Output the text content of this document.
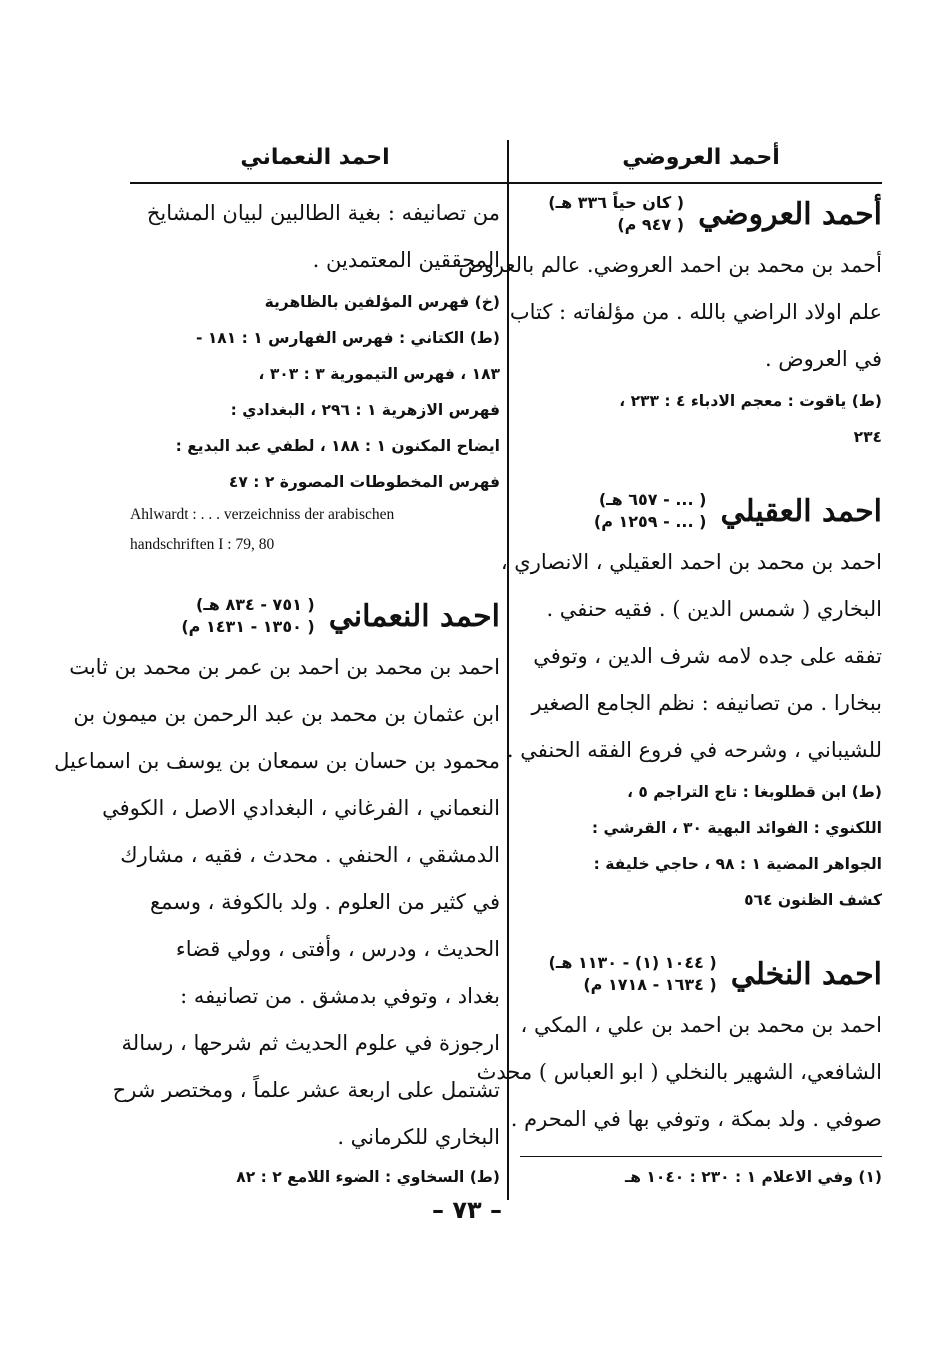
أحمد العروضي
أحمد العروضي
( كان حياً ٣٣٦ هـ)
( ٩٤٧ م)
أحمد بن محمد بن احمد العروضي. عالم بالعروض
علم اولاد الراضي بالله . من مؤلفاته : كتاب
في العروض .
(ط) ياقوت : معجم الادباء ٤ : ٢٣٣ ،
٢٣٤
احمد العقيلي
( ... - ٦٥٧ هـ)
( ... - ١٢٥٩ م)
احمد بن محمد بن احمد العقيلي ، الانصاري ،
البخاري ( شمس الدين ) . فقيه حنفي .
تفقه على جده لامه شرف الدين ، وتوفي
ببخارا . من تصانيفه : نظم الجامع الصغير
للشيباني ، وشرحه في فروع الفقه الحنفي .
(ط) ابن قطلوبغا : تاج التراجم ٥ ،
اللكنوي : الفوائد البهية ٣٠ ، القرشي :
الجواهر المضية ١ : ٩٨ ، حاجي خليفة :
كشف الظنون ٥٦٤
احمد النخلي
( ١٠٤٤ (١) - ١١٣٠ هـ)
( ١٦٣٤ - ١٧١٨ م)
احمد بن محمد بن احمد بن علي ، المكي ،
الشافعي، الشهير بالنخلي ( ابو العباس ) محدث
صوفي . ولد بمكة ، وتوفي بها في المحرم .
(١) وفي الاعلام ١ : ٢٣٠ : ١٠٤٠ هـ
احمد النعماني
من تصانيفه : بغية الطالبين لبيان المشايخ
المحققين المعتمدين .
(خ) فهرس المؤلفين بالظاهرية
(ط) الكتاني : فهرس الفهارس ١ : ١٨١ -
١٨٣ ، فهرس التيمورية ٣ : ٣٠٣ ،
فهرس الازهرية ١ : ٢٩٦ ، البغدادي :
ايضاح المكنون ١ : ١٨٨ ، لطفي عبد البديع :
فهرس المخطوطات المصورة ٢ : ٤٧
Ahlwardt : . . . verzeichniss der arabischen
handschriften I : 79, 80
احمد النعماني
( ٧٥١ - ٨٣٤ هـ)
( ١٣٥٠ - ١٤٣١ م)
احمد بن محمد بن احمد بن عمر بن محمد بن ثابت
ابن عثمان بن محمد بن عبد الرحمن بن ميمون بن
محمود بن حسان بن سمعان بن يوسف بن اسماعيل
النعماني ، الفرغاني ، البغدادي الاصل ، الكوفي
الدمشقي ، الحنفي . محدث ، فقيه ، مشارك
في كثير من العلوم . ولد بالكوفة ، وسمع
الحديث ، ودرس ، وأفتى ، وولي قضاء
بغداد ، وتوفي بدمشق . من تصانيفه :
ارجوزة في علوم الحديث ثم شرحها ، رسالة
تشتمل على اربعة عشر علماً ، ومختصر شرح
البخاري للكرماني .
(ط) السخاوي : الضوء اللامع ٢ : ٨٢
– ٧٣ –
